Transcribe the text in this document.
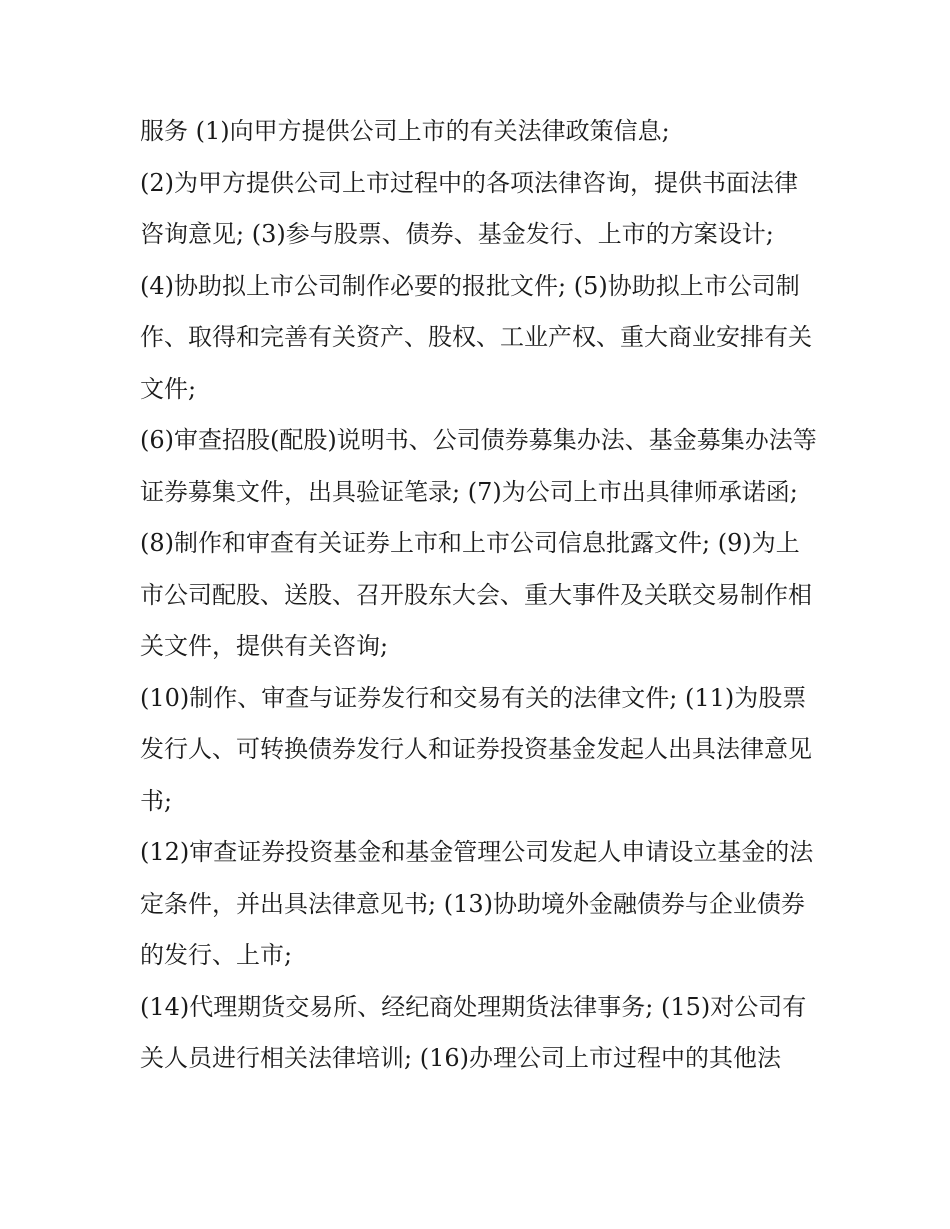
服务 (1)向甲方提供公司上市的有关法律政策信息;

(2)为甲方提供公司上市过程中的各项法律咨询，提供书面法律咨询意见; (3)参与股票、债券、基金发行、上市的方案设计;

(4)协助拟上市公司制作必要的报批文件; (5)协助拟上市公司制作、取得和完善有关资产、股权、工业产权、重大商业安排有关文件;

(6)审查招股(配股)说明书、公司债券募集办法、基金募集办法等证券募集文件，出具验证笔录; (7)为公司上市出具律师承诺函;

(8)制作和审查有关证券上市和上市公司信息批露文件; (9)为上市公司配股、送股、召开股东大会、重大事件及关联交易制作相关文件，提供有关咨询;

(10)制作、审查与证券发行和交易有关的法律文件; (11)为股票发行人、可转换债券发行人和证券投资基金发起人出具法律意见书;

(12)审查证券投资基金和基金管理公司发起人申请设立基金的法定条件，并出具法律意见书; (13)协助境外金融债券与企业债券的发行、上市;

(14)代理期货交易所、经纪商处理期货法律事务; (15)对公司有关人员进行相关法律培训; (16)办理公司上市过程中的其他法
